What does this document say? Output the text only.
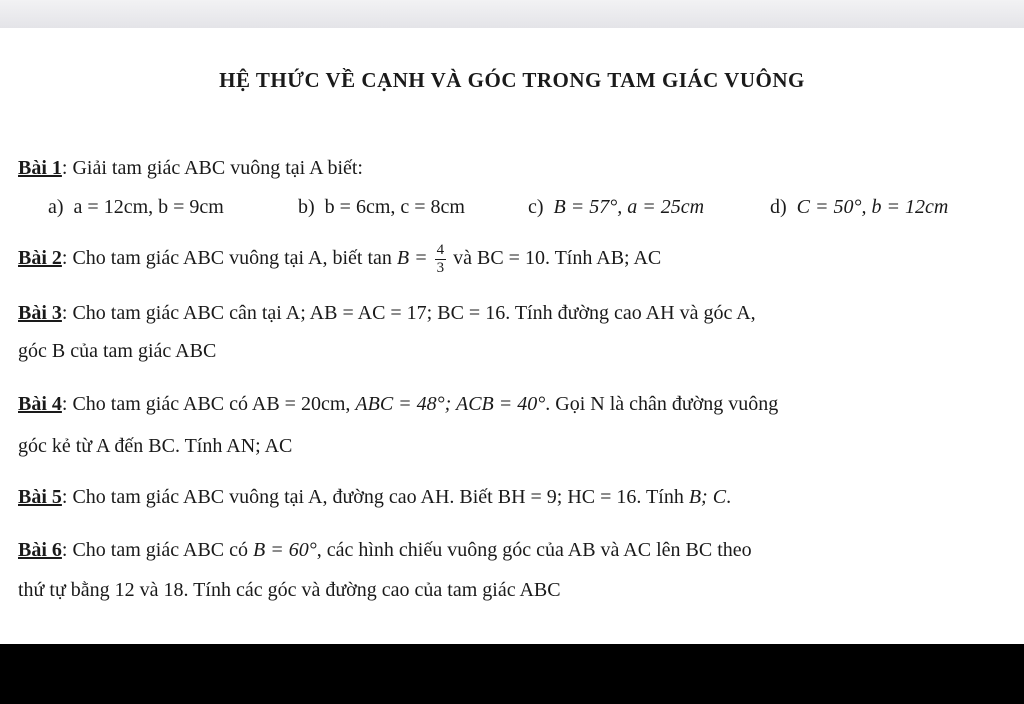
HỆ THỨC VỀ CẠNH VÀ GÓC TRONG TAM GIÁC VUÔNG
Bài 1: Giải tam giác ABC vuông tại A biết:
a) a = 12cm, b = 9cm	b) b = 6cm, c = 8cm	c) B = 57°, a = 25cm	d) C = 50°, b = 12cm
Bài 2: Cho tam giác ABC vuông tại A, biết $\tan B = \frac{4}{3}$ và BC = 10. Tính AB; AC
Bài 3: Cho tam giác ABC cân tại A; AB = AC = 17; BC = 16. Tính đường cao AH và góc A,
góc B của tam giác ABC
Bài 4: Cho tam giác ABC có AB = 20cm, ABC = 48°; ACB = 40°. Gọi N là chân đường vuông
góc kẻ từ A đến BC. Tính AN; AC
Bài 5: Cho tam giác ABC vuông tại A, đường cao AH. Biết BH = 9; HC = 16. Tính B; C.
Bài 6: Cho tam giác ABC có B = 60°, các hình chiếu vuông góc của AB và AC lên BC theo
thứ tự bằng 12 và 18. Tính các góc và đường cao của tam giác ABC
